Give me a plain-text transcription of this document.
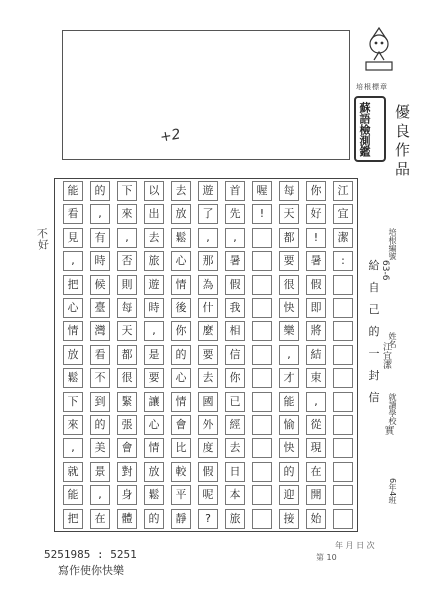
+2
培根標章
蘇語檢測鑑 優良作品
培根編號
63-6
姓名
江宜潔
就讀學校
實
6年4班
給
自
己
的
一
封
信
江
宜
潔
:
你
好
!
暑
假
即
將
結
束
,
從
現
在
開
始
每
天
都
要
很
快
樂
,
才
能
愉
快
的
迎
接
喔
!
首
先
,
暑
假
我
相
信
你
已
經
去
日
本
旅
遊
了
,
那
為
什
麼
要
去
國
外
度
假
呢
?
去
放
鬆
心
情
後
你
的
心
情
會
比
較
平
靜
以
出
去
旅
遊
時
,
是
要
讓
心
情
放
鬆
的
下
來
,
否
則
每
天
都
很
緊
張
會
對
身
體
的
,
有
時
候
臺
灣
看
不
到
的
美
景
,
在
能
看
見
,
把
心
情
放
鬆
下
來
,
就
能
把
不好
年 月 日 次
第 10
5251985 : 5251
寫作使你快樂
